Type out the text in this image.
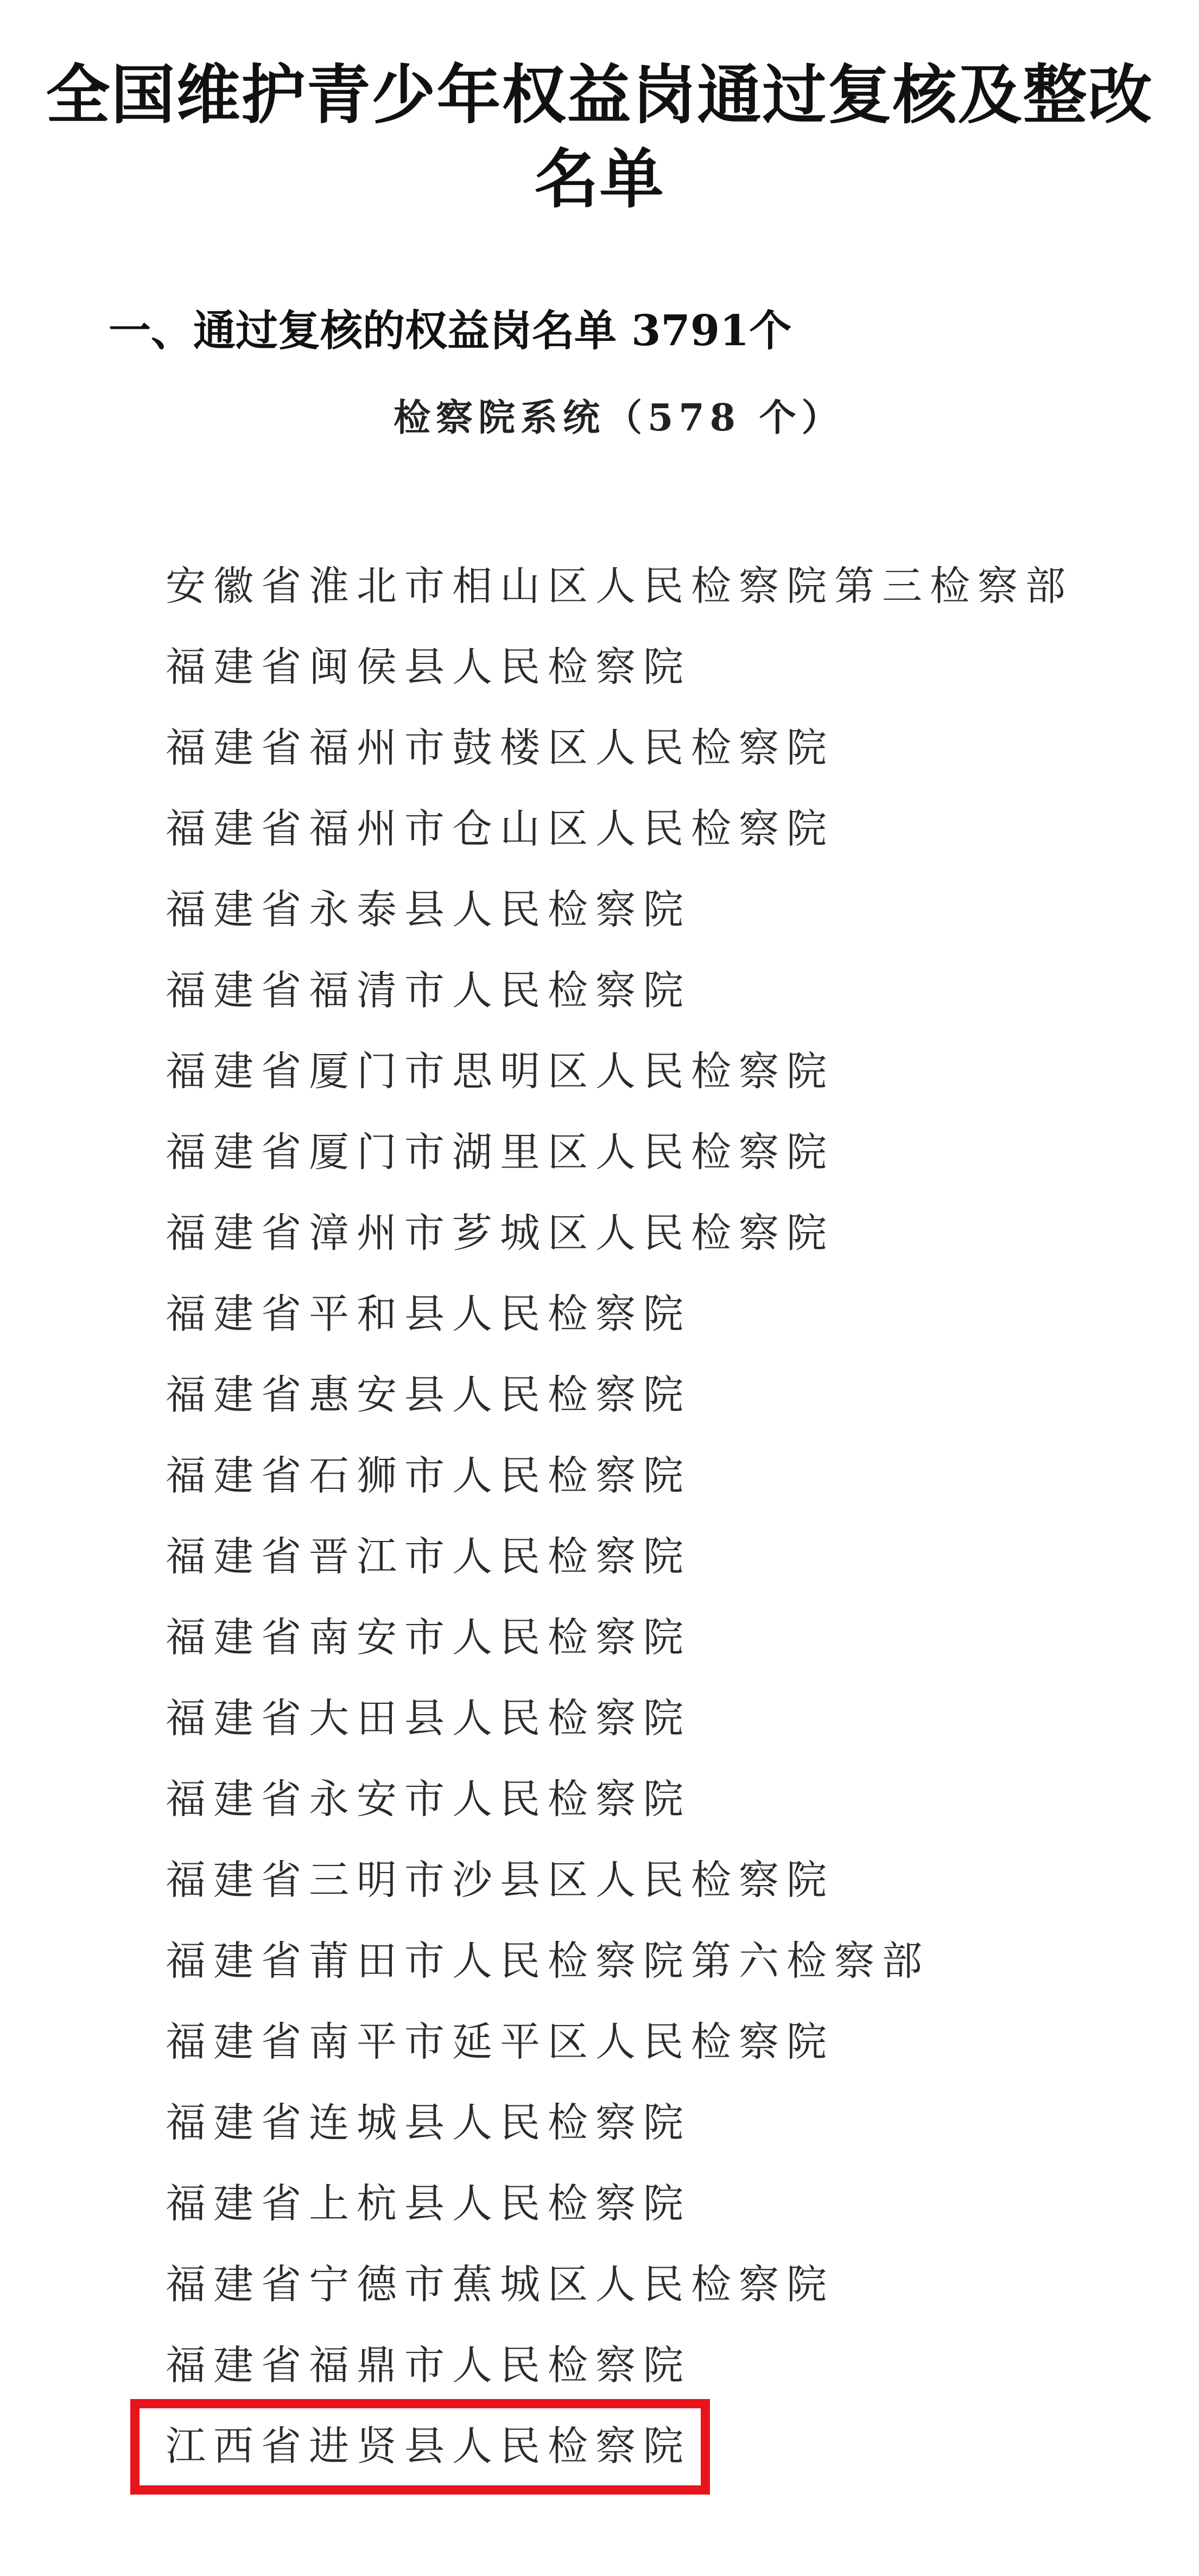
全国维护青少年权益岗通过复核及整改
名单
一、通过复核的权益岗名单 3791个
检察院系统（578 个）
安徽省淮北市相山区人民检察院第三检察部
福建省闽侯县人民检察院
福建省福州市鼓楼区人民检察院
福建省福州市仓山区人民检察院
福建省永泰县人民检察院
福建省福清市人民检察院
福建省厦门市思明区人民检察院
福建省厦门市湖里区人民检察院
福建省漳州市芗城区人民检察院
福建省平和县人民检察院
福建省惠安县人民检察院
福建省石狮市人民检察院
福建省晋江市人民检察院
福建省南安市人民检察院
福建省大田县人民检察院
福建省永安市人民检察院
福建省三明市沙县区人民检察院
福建省莆田市人民检察院第六检察部
福建省南平市延平区人民检察院
福建省连城县人民检察院
福建省上杭县人民检察院
福建省宁德市蕉城区人民检察院
福建省福鼎市人民检察院
江西省进贤县人民检察院
